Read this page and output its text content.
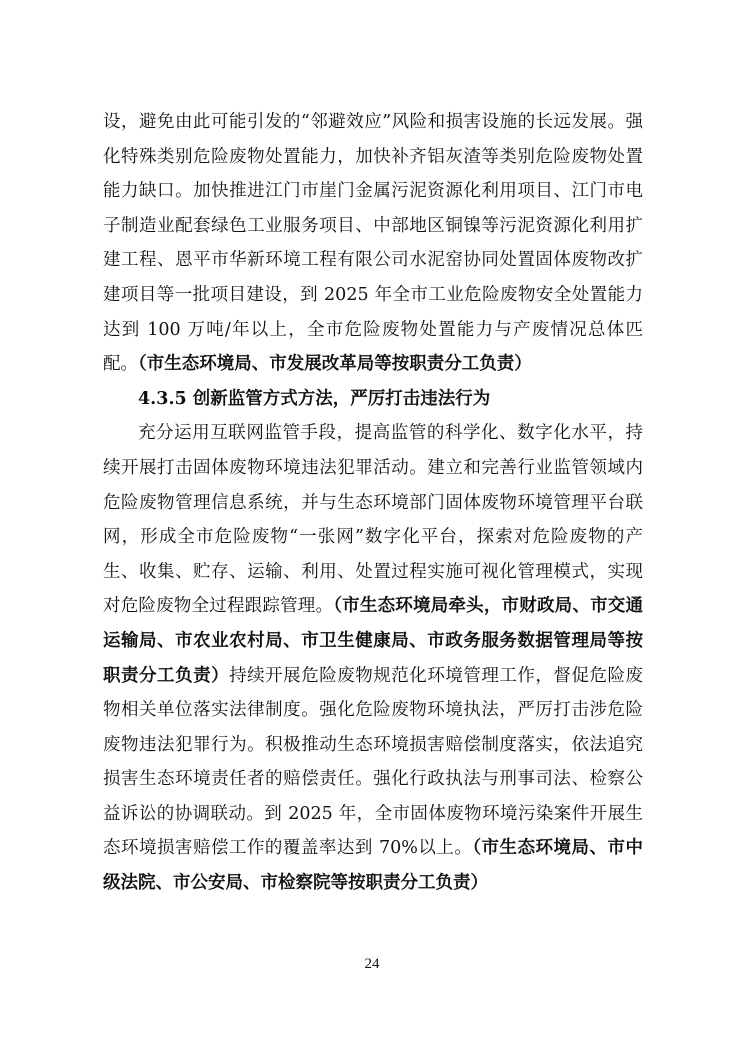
设，避免由此可能引发的“邻避效应”风险和损害设施的长远发展。强化特殊类别危险废物处置能力，加快补齐铝灰渣等类别危险废物处置能力缺口。加快推进江门市崖门金属污泥资源化利用项目、江门市电子制造业配套绿色工业服务项目、中部地区铜镍等污泥资源化利用扩建工程、恩平市华新环境工程有限公司水泥窑协同处置固体废物改扩建项目等一批项目建设，到 2025 年全市工业危险废物安全处置能力达到 100 万吨/年以上，全市危险废物处置能力与产废情况总体匹配。（市生态环境局、市发展改革局等按职责分工负责）

4.3.5 创新监管方式方法，严厉打击违法行为

充分运用互联网监管手段，提高监管的科学化、数字化水平，持续开展打击固体废物环境违法犯罪活动。建立和完善行业监管领域内危险废物管理信息系统，并与生态环境部门固体废物环境管理平台联网，形成全市危险废物“一张网”数字化平台，探索对危险废物的产生、收集、贮存、运输、利用、处置过程实施可视化管理模式，实现对危险废物全过程跟踪管理。（市生态环境局牵头，市财政局、市交通运输局、市农业农村局、市卫生健康局、市政务服务数据管理局等按职责分工负责）持续开展危险废物规范化环境管理工作，督促危险废物相关单位落实法律制度。强化危险废物环境执法，严厉打击涉危险废物违法犯罪行为。积极推动生态环境损害赔偿制度落实，依法追究损害生态环境责任者的赔偿责任。强化行政执法与刑事司法、检察公益诉讼的协调联动。到 2025 年，全市固体废物环境污染案件开展生态环境损害赔偿工作的覆盖率达到 70%以上。（市生态环境局、市中级法院、市公安局、市检察院等按职责分工负责）

24
